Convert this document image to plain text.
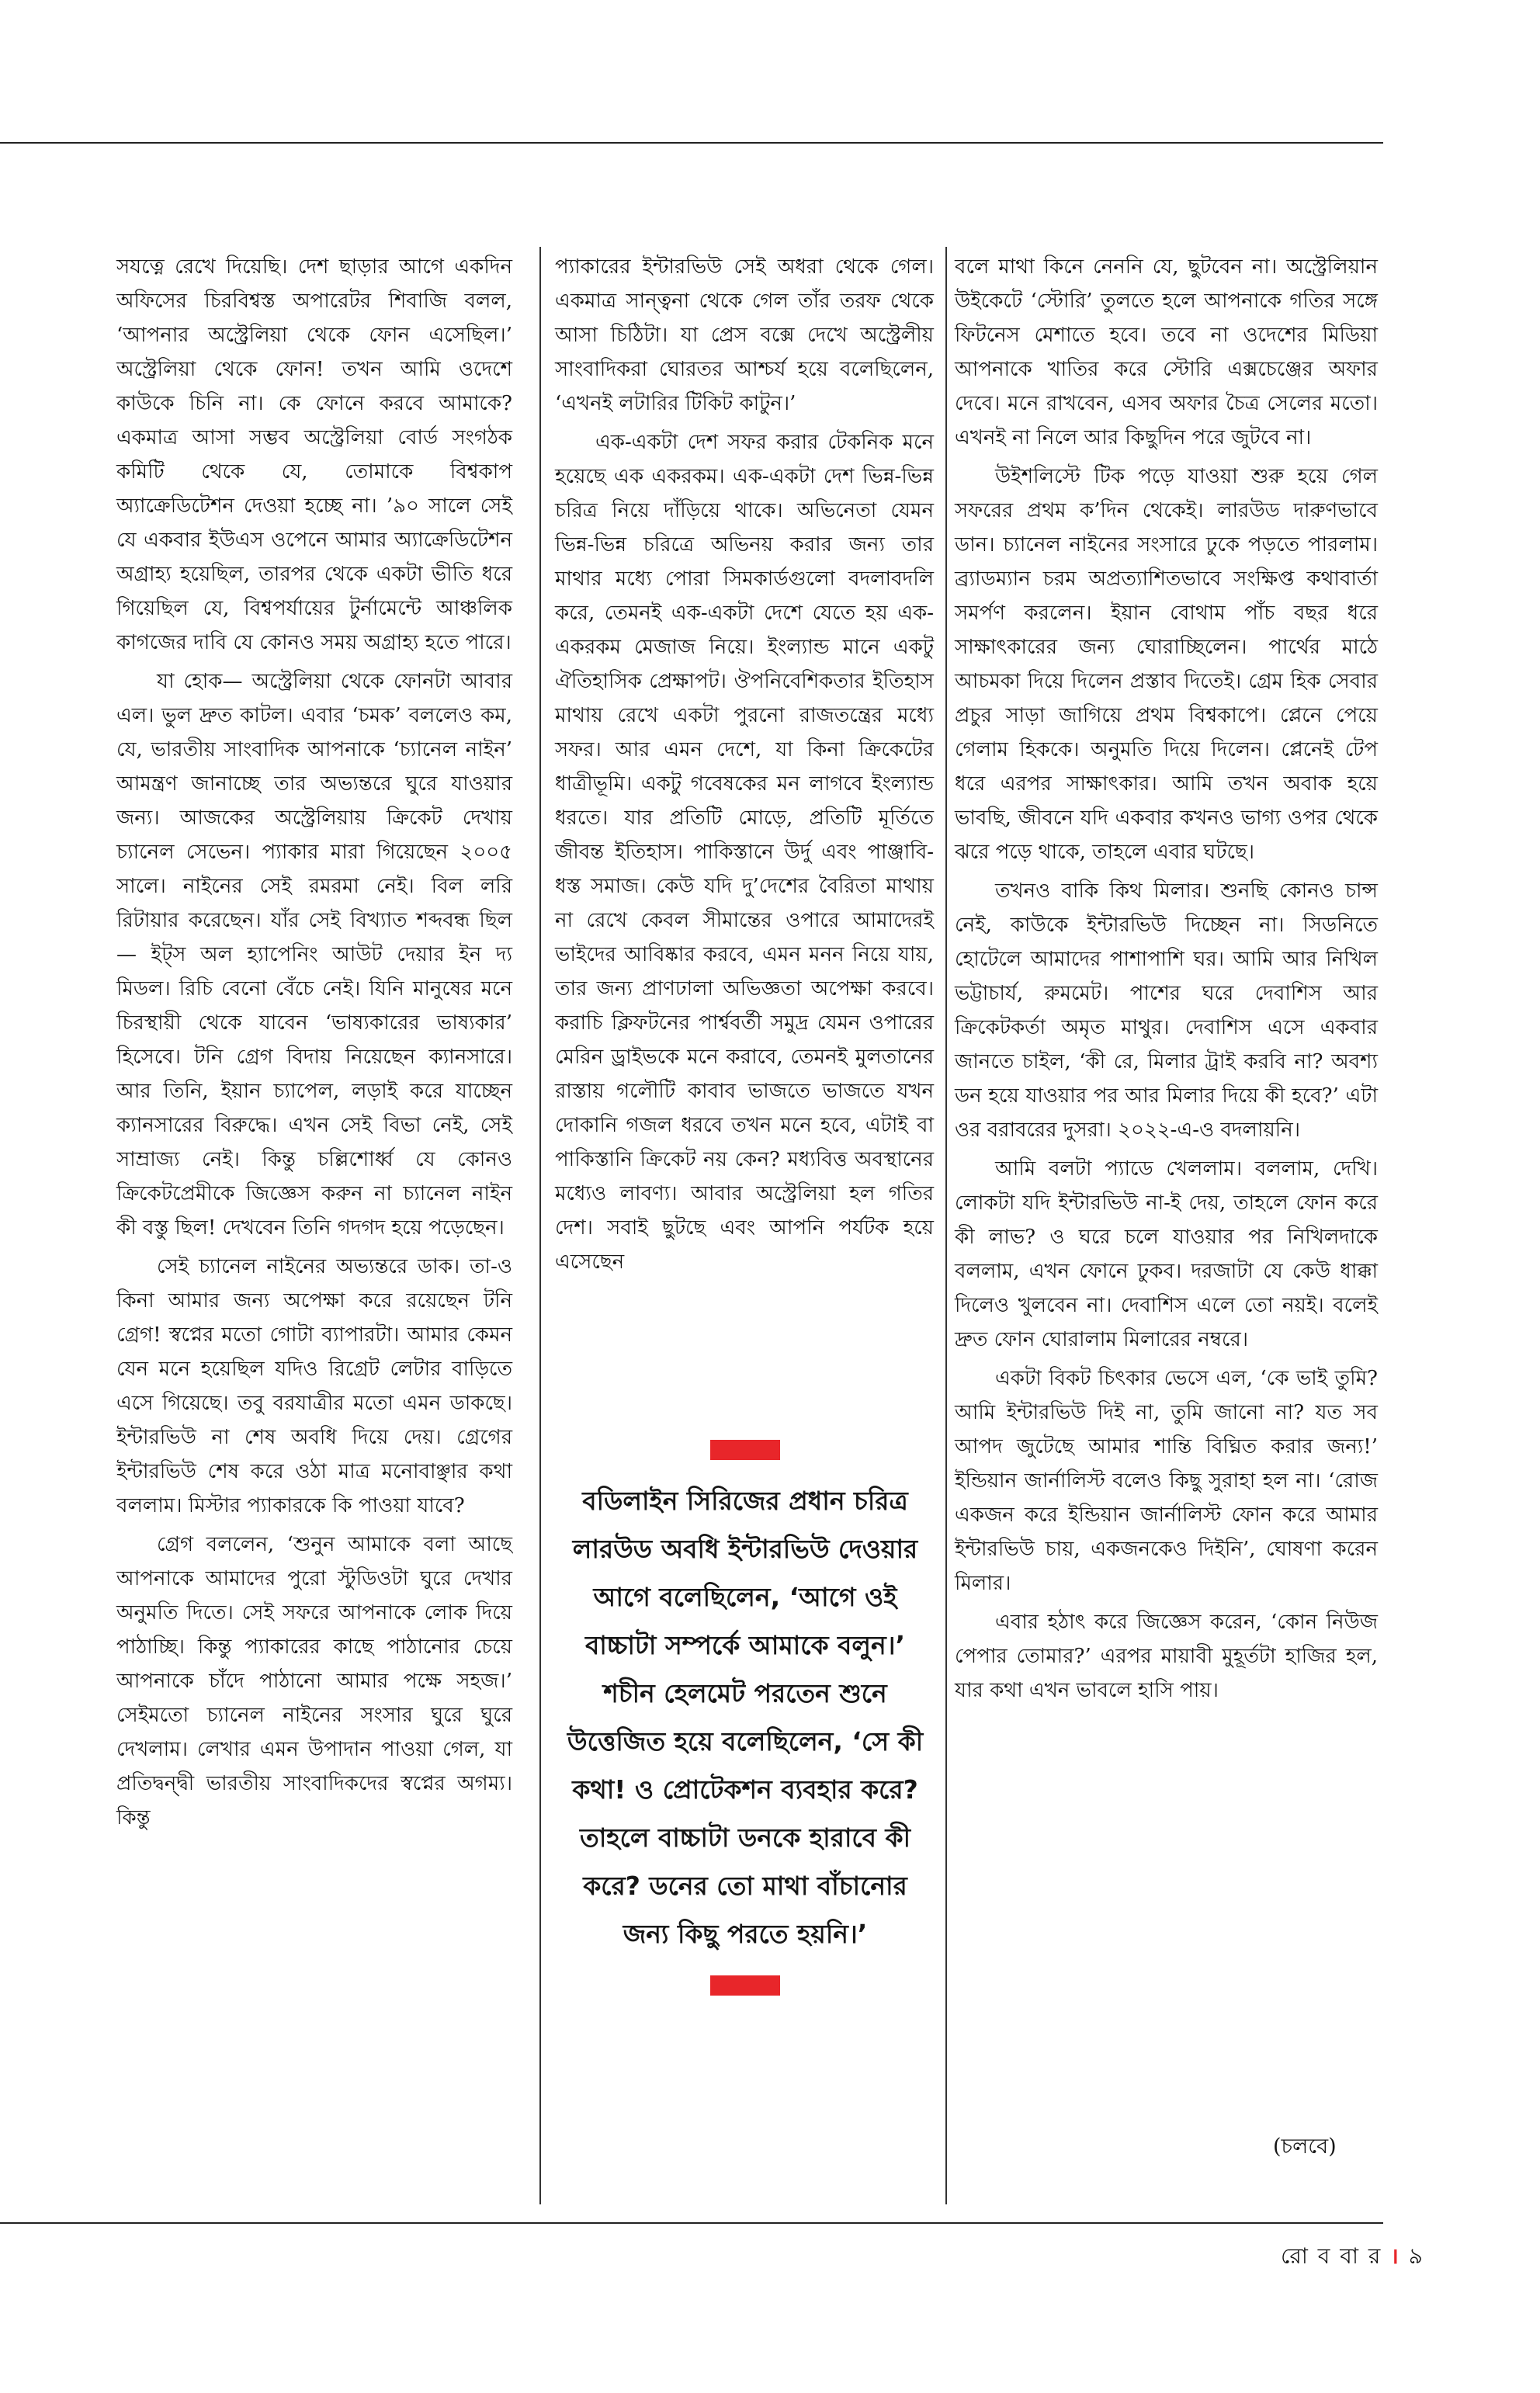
সযত্নে রেখে দিয়েছি। দেশ ছাড়ার আগে একদিন অফিসের চিরবিশ্বস্ত অপারেটর শিবাজি বলল, ‘আপনার অস্ট্রেলিয়া থেকে ফোন এসেছিল।’ অস্ট্রেলিয়া থেকে ফোন! তখন আমি ওদেশে কাউকে চিনি না। কে ফোনে করবে আমাকে? একমাত্র আসা সম্ভব অস্ট্রেলিয়া বোর্ড সংগঠক কমিটি থেকে যে, তোমাকে বিশ্বকাপ অ্যাক্রেডিটেশন দেওয়া হচ্ছে না। ’৯০ সালে সেই যে একবার ইউএস ওপেনে আমার অ্যাক্রেডিটেশন অগ্রাহ্য হয়েছিল, তারপর থেকে একটা ভীতি ধরে গিয়েছিল যে, বিশ্বপর্যায়ের টুর্নামেন্টে আঞ্চলিক কাগজের দাবি যে কোনও সময় অগ্রাহ্য হতে পারে।

যা হোক— অস্ট্রেলিয়া থেকে ফোনটা আবার এল। ভুল দ্রুত কাটল। এবার ‘চমক’ বললেও কম, যে, ভারতীয় সাংবাদিক আপনাকে ‘চ্যানেল নাইন’ আমন্ত্রণ জানাচ্ছে তার অভ্যন্তরে ঘুরে যাওয়ার জন্য। আজকের অস্ট্রেলিয়ায় ক্রিকেট দেখায় চ্যানেল সেভেন। প্যাকার মারা গিয়েছেন ২০০৫ সালে। নাইনের সেই রমরমা নেই। বিল লরি রিটায়ার করেছেন। যাঁর সেই বিখ্যাত শব্দবন্ধ ছিল— ইট্স অল হ্যাপেনিং আউট দেয়ার ইন দ্য মিডল। রিচি বেনো বেঁচে নেই। যিনি মানুষের মনে চিরস্থায়ী থেকে যাবেন ‘ভাষ্যকারের ভাষ্যকার’ হিসেবে। টনি গ্রেগ বিদায় নিয়েছেন ক্যানসারে। আর তিনি, ইয়ান চ্যাপেল, লড়াই করে যাচ্ছেন ক্যানসারের বিরুদ্ধে। এখন সেই বিভা নেই, সেই সাম্রাজ্য নেই। কিন্তু চল্লিশোর্ধ্ব যে কোনও ক্রিকেটপ্রেমীকে জিজ্ঞেস করুন না চ্যানেল নাইন কী বস্তু ছিল! দেখবেন তিনি গদগদ হয়ে পড়েছেন।

সেই চ্যানেল নাইনের অভ্যন্তরে ডাক। তা-ও কিনা আমার জন্য অপেক্ষা করে রয়েছেন টনি গ্রেগ! স্বপ্নের মতো গোটা ব্যাপারটা। আমার কেমন যেন মনে হয়েছিল যদিও রিগ্রেট লেটার বাড়িতে এসে গিয়েছে। তবু বরযাত্রীর মতো এমন ডাকছে। ইন্টারভিউ না শেষ অবধি দিয়ে দেয়। গ্রেগের ইন্টারভিউ শেষ করে ওঠা মাত্র মনোবাঞ্ছার কথা বললাম। মিস্টার প্যাকারকে কি পাওয়া যাবে?

গ্রেগ বললেন, ‘শুনুন আমাকে বলা আছে আপনাকে আমাদের পুরো স্টুডিওটা ঘুরে দেখার অনুমতি দিতে। সেই সফরে আপনাকে লোক দিয়ে পাঠাচ্ছি। কিন্তু প্যাকারের কাছে পাঠানোর চেয়ে আপনাকে চাঁদে পাঠানো আমার পক্ষে সহজ।’ সেইমতো চ্যানেল নাইনের সংসার ঘুরে ঘুরে দেখলাম। লেখার এমন উপাদান পাওয়া গেল, যা প্রতিদ্বন্দ্বী ভারতীয় সাংবাদিকদের স্বপ্নের অগম্য। কিন্তু

প্যাকারের ইন্টারভিউ সেই অধরা থেকে গেল। একমাত্র সান্ত্বনা থেকে গেল তাঁর তরফ থেকে আসা চিঠিটা। যা প্রেস বক্সে দেখে অস্ট্রেলীয় সাংবাদিকরা ঘোরতর আশ্চর্য হয়ে বলেছিলেন, ‘এখনই লটারির টিকিট কাটুন।’

এক-একটা দেশ সফর করার টেকনিক মনে হয়েছে এক একরকম। এক-একটা দেশ ভিন্ন-ভিন্ন চরিত্র নিয়ে দাঁড়িয়ে থাকে। অভিনেতা যেমন ভিন্ন-ভিন্ন চরিত্রে অভিনয় করার জন্য তার মাথার মধ্যে পোরা সিমকার্ডগুলো বদলাবদলি করে, তেমনই এক-একটা দেশে যেতে হয় এক-একরকম মেজাজ নিয়ে। ইংল্যান্ড মানে একটু ঐতিহাসিক প্রেক্ষাপট। ঔপনিবেশিকতার ইতিহাস মাথায় রেখে একটা পুরনো রাজতন্ত্রের মধ্যে সফর। আর এমন দেশে, যা কিনা ক্রিকেটের ধাত্রীভূমি। একটু গবেষকের মন লাগবে ইংল্যান্ড ধরতে। যার প্রতিটি মোড়ে, প্রতিটি মূর্তিতে জীবন্ত ইতিহাস। পাকিস্তানে উর্দু এবং পাঞ্জাবি-ধস্ত সমাজ। কেউ যদি দু’দেশের বৈরিতা মাথায় না রেখে কেবল সীমান্তের ওপারে আমাদেরই ভাইদের আবিষ্কার করবে, এমন মনন নিয়ে যায়, তার জন্য প্রাণঢালা অভিজ্ঞতা অপেক্ষা করবে। করাচি ক্লিফটনের পার্শ্ববর্তী সমুদ্র যেমন ওপারের মেরিন ড্রাইভকে মনে করাবে, তেমনই মুলতানের রাস্তায় গলৌটি কাবাব ভাজতে ভাজতে যখন দোকানি গজল ধরবে তখন মনে হবে, এটাই বা পাকিস্তানি ক্রিকেট নয় কেন? মধ্যবিত্ত অবস্থানের মধ্যেও লাবণ্য। আবার অস্ট্রেলিয়া হল গতির দেশ। সবাই ছুটছে এবং আপনি পর্যটক হয়ে এসেছেন

বডিলাইন সিরিজের প্রধান চরিত্র লারউড অবধি ইন্টারভিউ দেওয়ার আগে বলেছিলেন, ‘আগে ওই বাচ্চাটা সম্পর্কে আমাকে বলুন।’ শচীন হেলমেট পরতেন শুনে উত্তেজিত হয়ে বলেছিলেন, ‘সে কী কথা! ও প্রোটেকশন ব্যবহার করে? তাহলে বাচ্চাটা ডনকে হারাবে কী করে? ডনের তো মাথা বাঁচানোর জন্য কিছু পরতে হয়নি।’

বলে মাথা কিনে নেননি যে, ছুটবেন না। অস্ট্রেলিয়ান উইকেটে ‘স্টোরি’ তুলতে হলে আপনাকে গতির সঙ্গে ফিটনেস মেশাতে হবে। তবে না ওদেশের মিডিয়া আপনাকে খাতির করে স্টোরি এক্সচেঞ্জের অফার দেবে। মনে রাখবেন, এসব অফার চৈত্র সেলের মতো। এখনই না নিলে আর কিছুদিন পরে জুটবে না।

উইশলিস্টে টিক পড়ে যাওয়া শুরু হয়ে গেল সফরের প্রথম ক’দিন থেকেই। লারউড দারুণভাবে ডান। চ্যানেল নাইনের সংসারে ঢুকে পড়তে পারলাম। ব্র্যাডম্যান চরম অপ্রত্যাশিতভাবে সংক্ষিপ্ত কথাবার্তা সমর্পণ করলেন। ইয়ান বোথাম পাঁচ বছর ধরে সাক্ষাৎকারের জন্য ঘোরাচ্ছিলেন। পার্থের মাঠে আচমকা দিয়ে দিলেন প্রস্তাব দিতেই। গ্রেম হিক সেবার প্রচুর সাড়া জাগিয়ে প্রথম বিশ্বকাপে। প্লেনে পেয়ে গেলাম হিককে। অনুমতি দিয়ে দিলেন। প্লেনেই টেপ ধরে এরপর সাক্ষাৎকার। আমি তখন অবাক হয়ে ভাবছি, জীবনে যদি একবার কখনও ভাগ্য ওপর থেকে ঝরে পড়ে থাকে, তাহলে এবার ঘটছে।

তখনও বাকি কিথ মিলার। শুনছি কোনও চান্স নেই, কাউকে ইন্টারভিউ দিচ্ছেন না। সিডনিতে হোটেলে আমাদের পাশাপাশি ঘর। আমি আর নিখিল ভট্টাচার্য, রুমমেট। পাশের ঘরে দেবাশিস আর ক্রিকেটকর্তা অমৃত মাথুর। দেবাশিস এসে একবার জানতে চাইল, ‘কী রে, মিলার ট্রাই করবি না? অবশ্য ডন হয়ে যাওয়ার পর আর মিলার দিয়ে কী হবে?’ এটা ওর বরাবরের দুসরা। ২০২২-এ-ও বদলায়নি।

আমি বলটা প্যাডে খেললাম। বললাম, দেখি। লোকটা যদি ইন্টারভিউ না-ই দেয়, তাহলে ফোন করে কী লাভ? ও ঘরে চলে যাওয়ার পর নিখিলদাকে বললাম, এখন ফোনে ঢুকব। দরজাটা যে কেউ ধাক্কা দিলেও খুলবেন না। দেবাশিস এলে তো নয়ই। বলেই দ্রুত ফোন ঘোরালাম মিলারের নম্বরে।

একটা বিকট চিৎকার ভেসে এল, ‘কে ভাই তুমি? আমি ইন্টারভিউ দিই না, তুমি জানো না? যত সব আপদ জুটেছে আমার শান্তি বিঘ্নিত করার জন্য!’ ইন্ডিয়ান জার্নালিস্ট বলেও কিছু সুরাহা হল না। ‘রোজ একজন করে ইন্ডিয়ান জার্নালিস্ট ফোন করে আমার ইন্টারভিউ চায়, একজনকেও দিইনি’, ঘোষণা করেন মিলার।

এবার হঠাৎ করে জিজ্ঞেস করেন, ‘কোন নিউজ পেপার তোমার?’ এরপর মায়াবী মুহূর্তটা হাজির হল, যার কথা এখন ভাবলে হাসি পায়।

(চলবে)
রো ব বা র । ৯
